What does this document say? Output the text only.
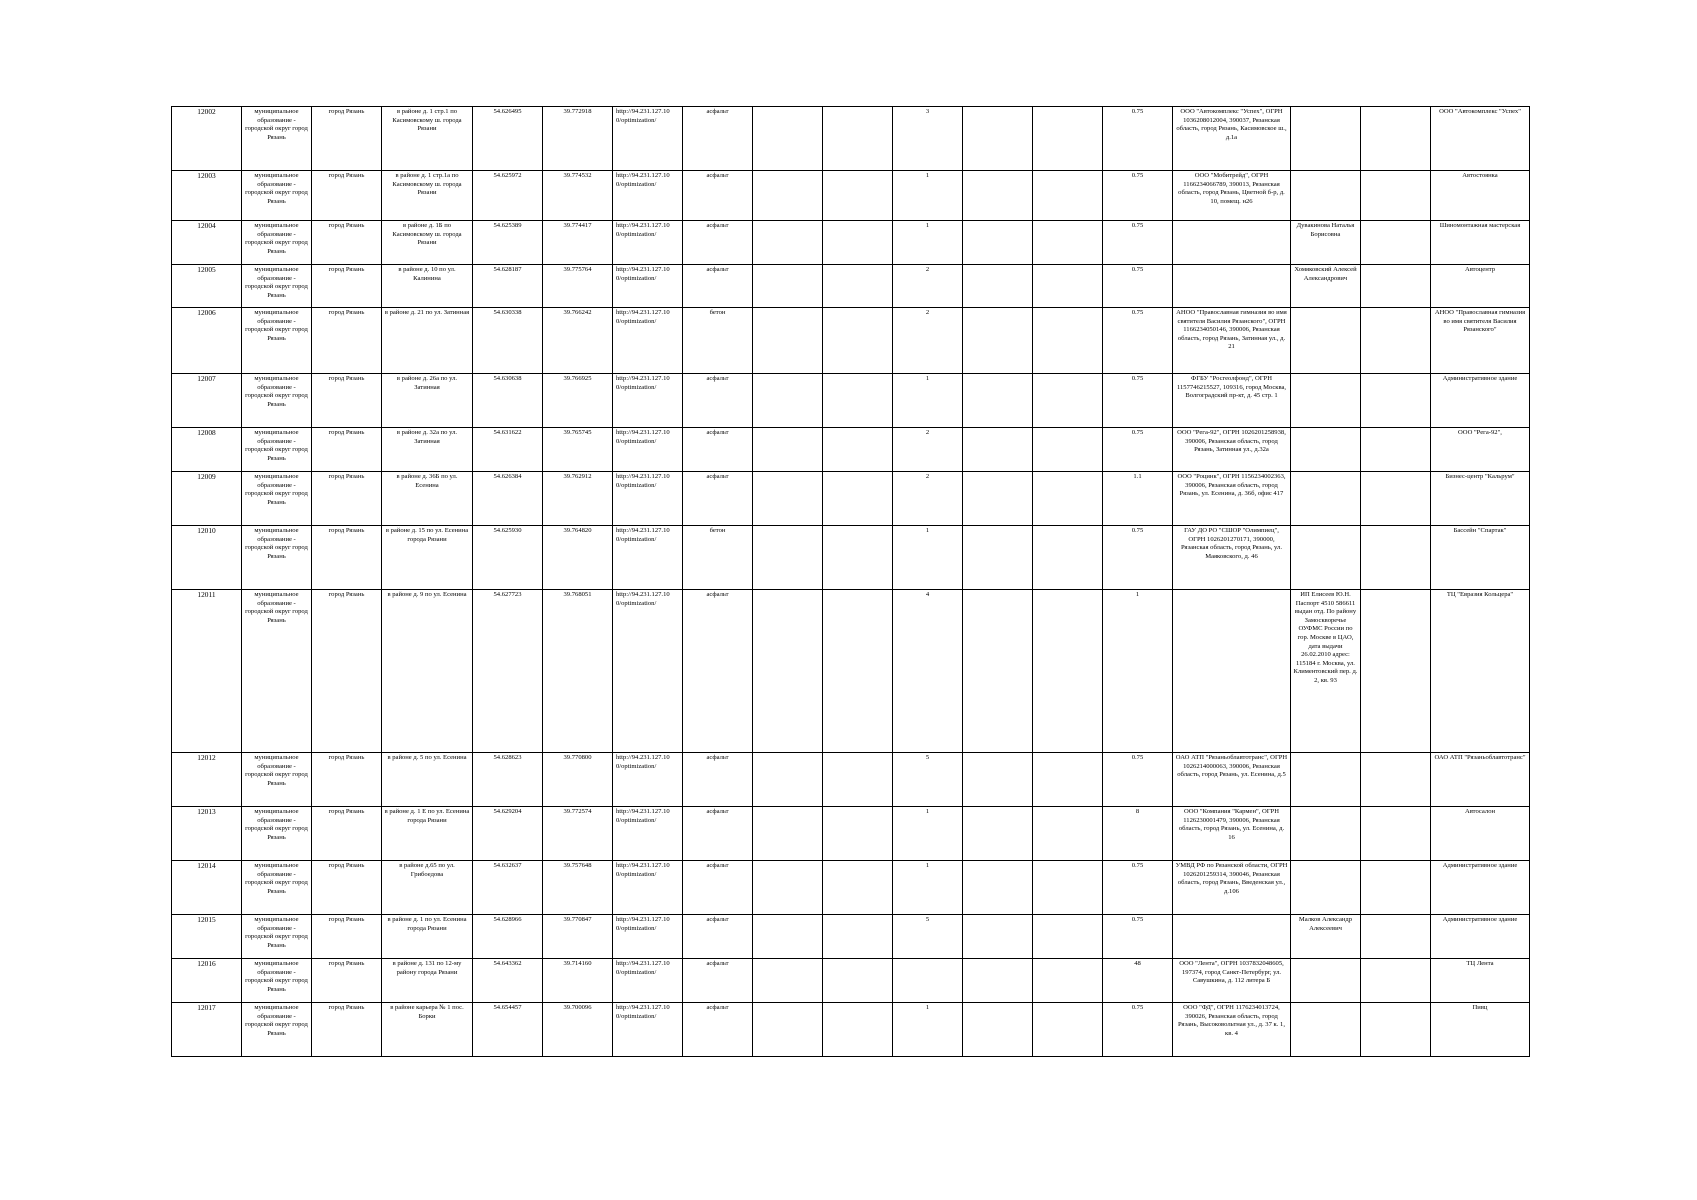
12002	муниципальное образование - городской округ город Рязань	город Рязань	в районе д. 1 стр.1 по Касимовскому ш. города Рязани	54.626495	39.772918	http://94.231.127.10 0/optimization/	асфальт			3			0.75	ООО "Автокомплекс "Успех", ОГРН 1036208012004, 390037, Рязанская область, город Рязань, Касимовское ш., д.1а			ООО "Автокомплекс "Успех"
12003	муниципальное образование - городской округ город Рязань	город Рязань	в районе д. 1 стр.1а по Касимовскому ш. города Рязани	54.625972	39.774532	http://94.231.127.10 0/optimization/	асфальт			1			0.75	ООО "Мобитрейд", ОГРН 1166234066789, 390013, Рязанская область, город Рязань, Цветной б-р, д. 10, помещ. н26			Автостоянка
12004	муниципальное образование - городской округ город Рязань	город Рязань	в районе д. 1Б по Касимовскому ш. города Рязани	54.625389	39.774417	http://94.231.127.10 0/optimization/	асфальт			1			0.75		Дувакинова Наталья Борисовна		Шиномонтажная мастерская
12005	муниципальное образование - городской округ город Рязань	город Рязань	в районе д. 10 по ул. Калинина	54.628187	39.775764	http://94.231.127.10 0/optimization/	асфальт			2			0.75		Хомяковский Алексей Александрович		Автоцентр
12006	муниципальное образование - городской округ город Рязань	город Рязань	в районе д. 21 по ул. Затинная	54.630338	39.766242	http://94.231.127.10 0/optimization/	бетон			2			0.75	АНОО "Православная гимназия во имя святителя Василия Рязанского", ОГРН 1166234050146, 390006, Рязанская область, город Рязань, Затинная ул., д. 21			АНОО "Православная гимназия во имя святителя Василия Рязанского"
12007	муниципальное образование - городской округ город Рязань	город Рязань	в районе д. 26а по ул. Затинная	54.630638	39.766925	http://94.231.127.10 0/optimization/	асфальт			1			0.75	ФГБУ "Росгеолфонд", ОГРН 1157746215527, 109316, город Москва, Волгоградский пр-кт, д. 45 стр. 1			Административное здание
12008	муниципальное образование - городской округ город Рязань	город Рязань	в районе д. 32а по ул. Затинная	54.631622	39.765745	http://94.231.127.10 0/optimization/	асфальт			2			0.75	ООО "Рега-92", ОГРН 1026201258938, 390006, Рязанская область, город Рязань, Затинная ул., д.32а			ООО "Рега-92",
12009	муниципальное образование - городской округ город Рязань	город Рязань	в районе д. 36Б по ул. Есенина	54.626384	39.762912	http://94.231.127.10 0/optimization/	асфальт			2			1.1	ООО "Роцинк", ОГРН 1156234002363, 390006, Рязанская область, город Рязань, ул. Есенина, д. 36б, офис 417			Бизнес-центр "Кальрум"
12010	муниципальное образование - городской округ город Рязань	город Рязань	в районе д. 15 по ул. Есенина города Рязани	54.625930	39.764820	http://94.231.127.10 0/optimization/	бетон			1			0.75	ГАУ ДО РО "СШОР "Олимпиец", ОГРН 1026201270171, 390000, Рязанская область, город Рязань, ул. Маяковского, д. 46			Бассейн "Спартак"
12011	муниципальное образование - городской округ город Рязань	город Рязань	в районе д. 9 по ул. Есенина	54.627723	39.768051	http://94.231.127.10 0/optimization/	асфальт			4			1		ИП Елисеев Ю.Н. Паспорт 4510 586611 выдан отд. По району Замоскворечье ОУФМС России по гор. Москве в ЦАО, дата выдачи 26.02.2010 адрес: 115184 г. Москва, ул. Климентовский пер. д. 2, кв. 93		ТЦ "Евразия Кольцера"
12012	муниципальное образование - городской округ город Рязань	город Рязань	в районе д. 5 по ул. Есенина	54.628623	39.770800	http://94.231.127.10 0/optimization/	асфальт			5			0.75	ОАО АТП "Рязаньоблавтотранс", ОГРН 1026214000063, 390006, Рязанская область, город Рязань, ул. Есенина, д.5			ОАО АТП "Рязаньоблавтотранс"
12013	муниципальное образование - городской округ город Рязань	город Рязань	в районе д. 1 Е по ул. Есенина города Рязани	54.629204	39.772574	http://94.231.127.10 0/optimization/	асфальт			1			8	ООО "Компания "Кармен", ОГРН 1126230001479, 390006, Рязанская область, город Рязань, ул. Есенина, д. 16			Автосалон
12014	муниципальное образование - городской округ город Рязань	город Рязань	в районе д.65 по ул. Грибоедова	54.632637	39.757648	http://94.231.127.10 0/optimization/	асфальт			1			0.75	УМВД РФ по Рязанской области, ОГРН 1026201259314, 390046, Рязанская область, город Рязань, Введенская ул., д.106			Административное здание
12015	муниципальное образование - городской округ город Рязань	город Рязань	в районе д. 1 по ул. Есенина города Рязани	54.628966	39.770847	http://94.231.127.10 0/optimization/	асфальт			5			0.75		Малков Александр Алексеевич		Административное здание
12016	муниципальное образование - городской округ город Рязань	город Рязань	в районе д. 131 по 12-му району города Рязани	54.643362	39.714160	http://94.231.127.10 0/optimization/	асфальт						48	ООО "Лента", ОГРН 1037832048605, 197374, город Санкт-Петербург, ул. Савушкина, д. 112 литера Б			ТЦ Лента
12017	муниципальное образование - городской округ город Рязань	город Рязань	в районе карьера № 1 пос. Борки	54.654457	39.700096	http://94.231.127.10 0/optimization/	асфальт			1			0.75	ООО "ФД", ОГРН 1176234013724, 390026, Рязанская область, город Рязань, Высоковольтная ул., д. 37 к. 1, кв. 4			Пивц
